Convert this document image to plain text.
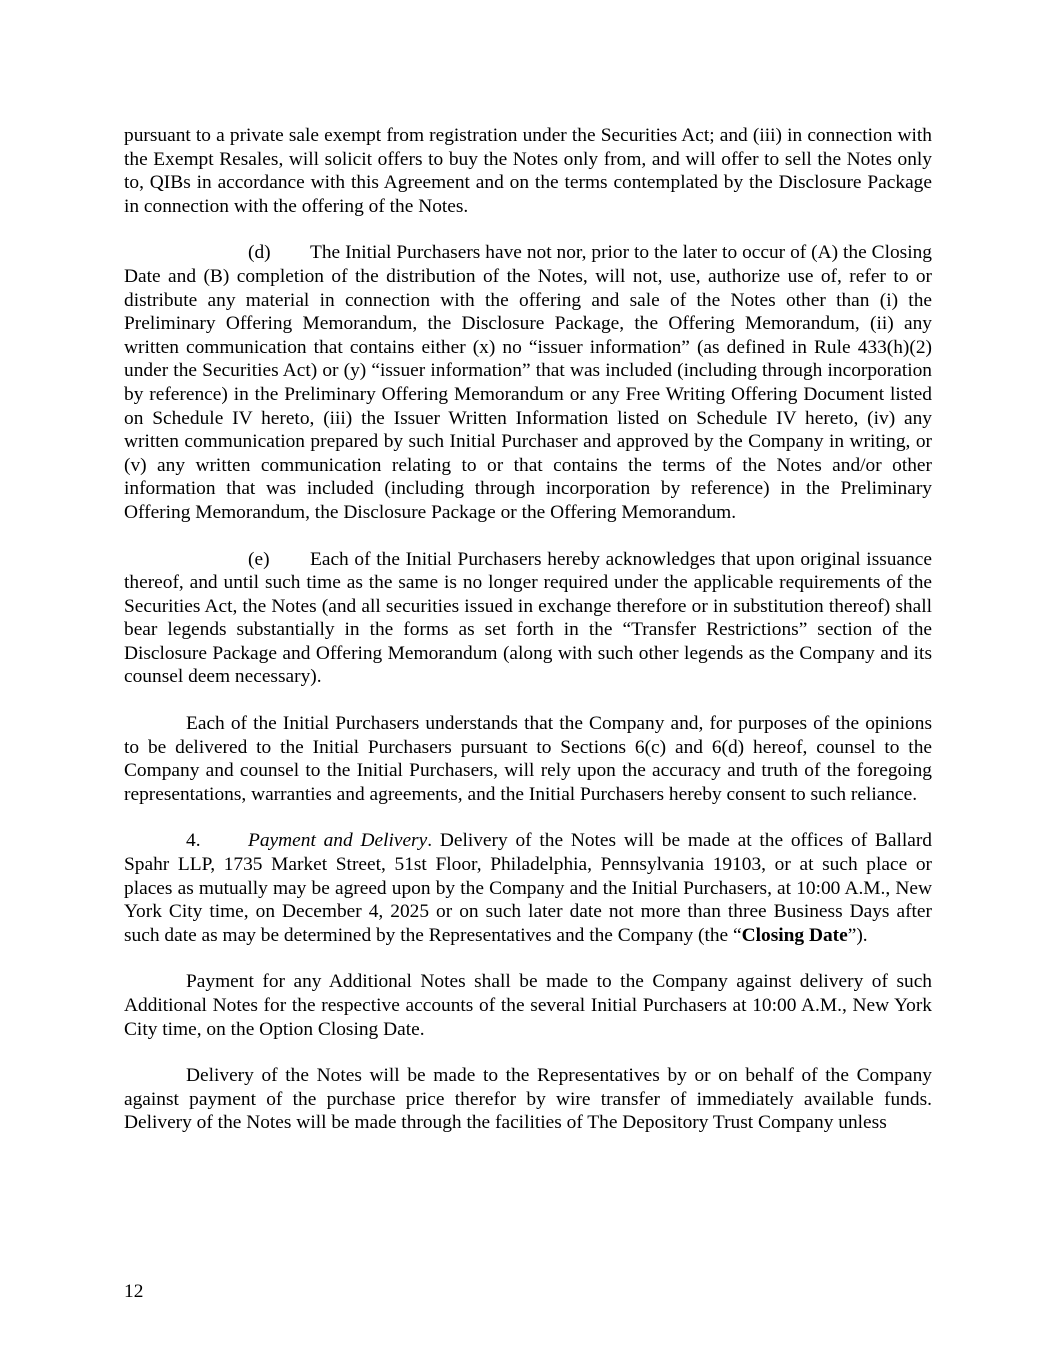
pursuant to a private sale exempt from registration under the Securities Act; and (iii) in connection with the Exempt Resales, will solicit offers to buy the Notes only from, and will offer to sell the Notes only to, QIBs in accordance with this Agreement and on the terms contemplated by the Disclosure Package in connection with the offering of the Notes.

(d) The Initial Purchasers have not nor, prior to the later to occur of (A) the Closing Date and (B) completion of the distribution of the Notes, will not, use, authorize use of, refer to or distribute any material in connection with the offering and sale of the Notes other than (i) the Preliminary Offering Memorandum, the Disclosure Package, the Offering Memorandum, (ii) any written communication that contains either (x) no “issuer information” (as defined in Rule 433(h)(2) under the Securities Act) or (y) “issuer information” that was included (including through incorporation by reference) in the Preliminary Offering Memorandum or any Free Writing Offering Document listed on Schedule IV hereto, (iii) the Issuer Written Information listed on Schedule IV hereto, (iv) any written communication prepared by such Initial Purchaser and approved by the Company in writing, or (v) any written communication relating to or that contains the terms of the Notes and/or other information that was included (including through incorporation by reference) in the Preliminary Offering Memorandum, the Disclosure Package or the Offering Memorandum.

(e) Each of the Initial Purchasers hereby acknowledges that upon original issuance thereof, and until such time as the same is no longer required under the applicable requirements of the Securities Act, the Notes (and all securities issued in exchange therefore or in substitution thereof) shall bear legends substantially in the forms as set forth in the “Transfer Restrictions” section of the Disclosure Package and Offering Memorandum (along with such other legends as the Company and its counsel deem necessary).

Each of the Initial Purchasers understands that the Company and, for purposes of the opinions to be delivered to the Initial Purchasers pursuant to Sections 6(c) and 6(d) hereof, counsel to the Company and counsel to the Initial Purchasers, will rely upon the accuracy and truth of the foregoing representations, warranties and agreements, and the Initial Purchasers hereby consent to such reliance.

4. Payment and Delivery. Delivery of the Notes will be made at the offices of Ballard Spahr LLP, 1735 Market Street, 51st Floor, Philadelphia, Pennsylvania 19103, or at such place or places as mutually may be agreed upon by the Company and the Initial Purchasers, at 10:00 A.M., New York City time, on December 4, 2025 or on such later date not more than three Business Days after such date as may be determined by the Representatives and the Company (the “Closing Date”).

Payment for any Additional Notes shall be made to the Company against delivery of such Additional Notes for the respective accounts of the several Initial Purchasers at 10:00 A.M., New York City time, on the Option Closing Date.

Delivery of the Notes will be made to the Representatives by or on behalf of the Company against payment of the purchase price therefor by wire transfer of immediately available funds. Delivery of the Notes will be made through the facilities of The Depository Trust Company unless

12
